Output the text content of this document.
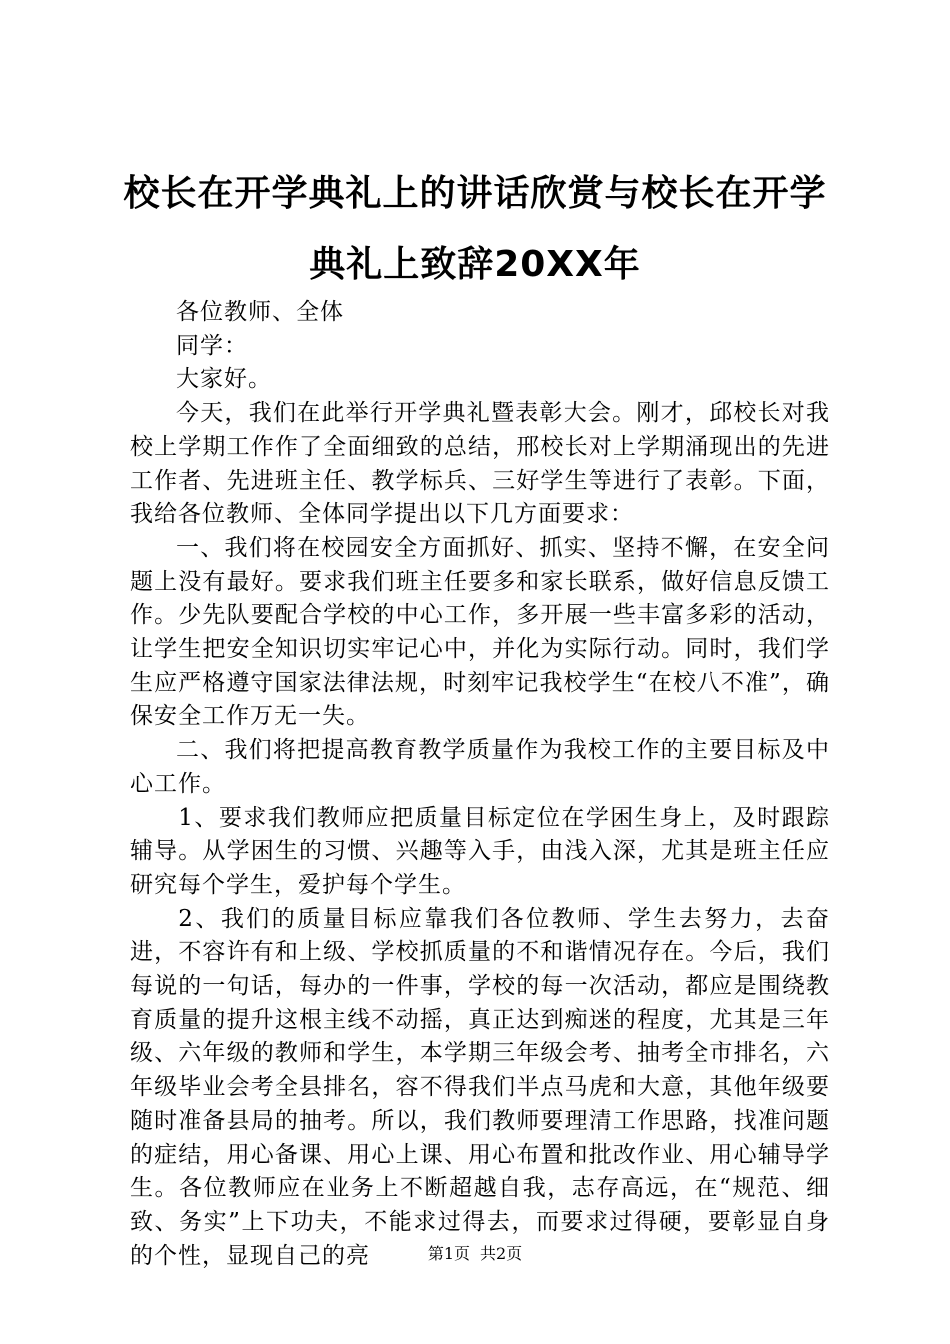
校长在开学典礼上的讲话欣赏与校长在开学典礼上致辞20XX年

各位教师、全体

同学：

大家好。

今天，我们在此举行开学典礼暨表彰大会。刚才，邱校长对我校上学期工作作了全面细致的总结，邢校长对上学期涌现出的先进工作者、先进班主任、教学标兵、三好学生等进行了表彰。下面，我给各位教师、全体同学提出以下几方面要求：

一、我们将在校园安全方面抓好、抓实、坚持不懈，在安全问题上没有最好。要求我们班主任要多和家长联系，做好信息反馈工作。少先队要配合学校的中心工作，多开展一些丰富多彩的活动，让学生把安全知识切实牢记心中，并化为实际行动。同时，我们学生应严格遵守国家法律法规，时刻牢记我校学生“在校八不准”，确保安全工作万无一失。

二、我们将把提高教育教学质量作为我校工作的主要目标及中心工作。

1、要求我们教师应把质量目标定位在学困生身上，及时跟踪辅导。从学困生的习惯、兴趣等入手，由浅入深，尤其是班主任应研究每个学生，爱护每个学生。

2、我们的质量目标应靠我们各位教师、学生去努力，去奋进，不容许有和上级、学校抓质量的不和谐情况存在。今后，我们每说的一句话，每办的一件事，学校的每一次活动，都应是围绕教育质量的提升这根主线不动摇，真正达到痴迷的程度，尤其是三年级、六年级的教师和学生，本学期三年级会考、抽考全市排名，六年级毕业会考全县排名，容不得我们半点马虎和大意，其他年级要随时准备县局的抽考。所以，我们教师要理清工作思路，找准问题的症结，用心备课、用心上课、用心布置和批改作业、用心辅导学生。各位教师应在业务上不断超越自我，志存高远，在“规范、细致、务实”上下功夫，不能求过得去，而要求过得硬，要彰显自身的个性，显现自己的亮	第1页 共2页
